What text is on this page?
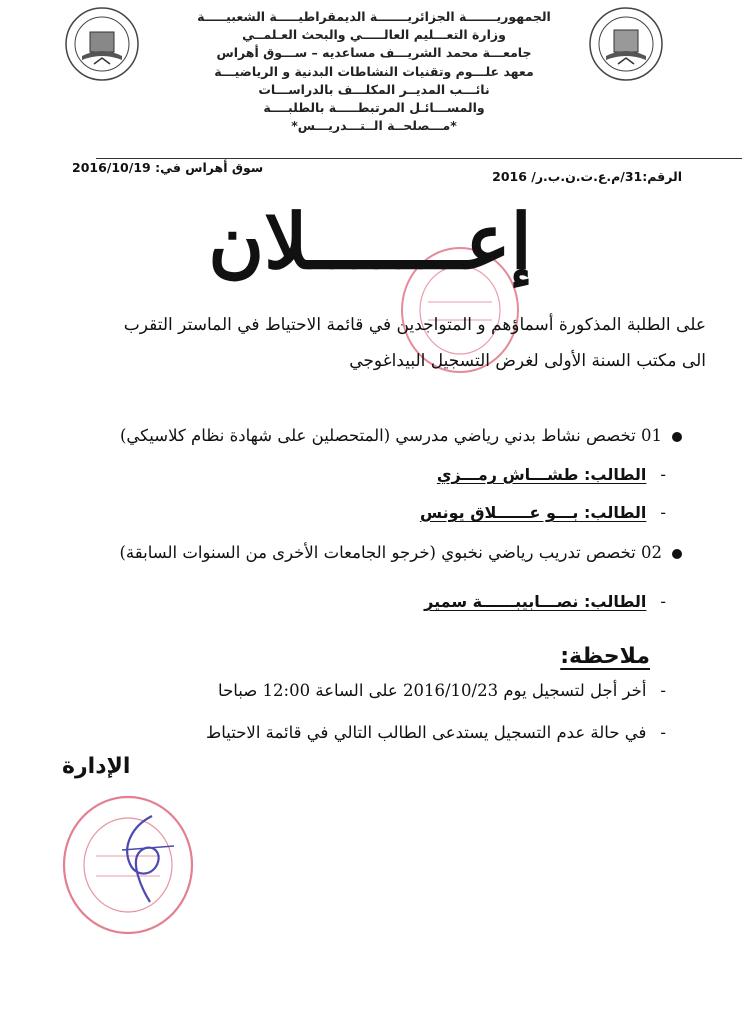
الجمهوريـــــــة الجزائريـــــــة الديمقراطيـــــة الشعبيـــــة
وزارة التعـــليم العالـــــي والبحث العـلمــي
جامعـــة محمد الشريـــف مساعديه – ســـوق أهراس
معهد علـــوم وتقنيات النشاطات البدنية و الرياضيـــة
نائـــب المديــر المكلـــف بالدراســـات
والمســـائـل المرتبطـــــة بالطلبــــة
*مـــصلحــة الــتـــدريـــس*
الرقم:31/م.ع.ت.ن.ب.ر/ 2016
سوق أهراس في: 2016/10/19
إعـــــــلان
على الطلبة المذكورة أسماؤهم و المتواجدين في قائمة الاحتياط في الماستر التقرب
الى مكتب السنة الأولى لغرض التسجيل البيداغوجي
01 تخصص نشاط بدني رياضي مدرسي (المتحصلين على شهادة نظام كلاسيكي)
-الطالب: طشـــاش رمـــزي
-الطالب: بـــو عــــــلاق يونس
02 تخصص تدريب رياضي نخبوي (خرجو الجامعات الأخرى من السنوات السابقة)
-الطالب: نصـــابيبــــــة سمير
ملاحظة:
-أخر أجل لتسجيل يوم 2016/10/23 على الساعة 12:00 صباحا
-في حالة عدم التسجيل يستدعى الطالب التالي في قائمة الاحتياط
الإدارة
